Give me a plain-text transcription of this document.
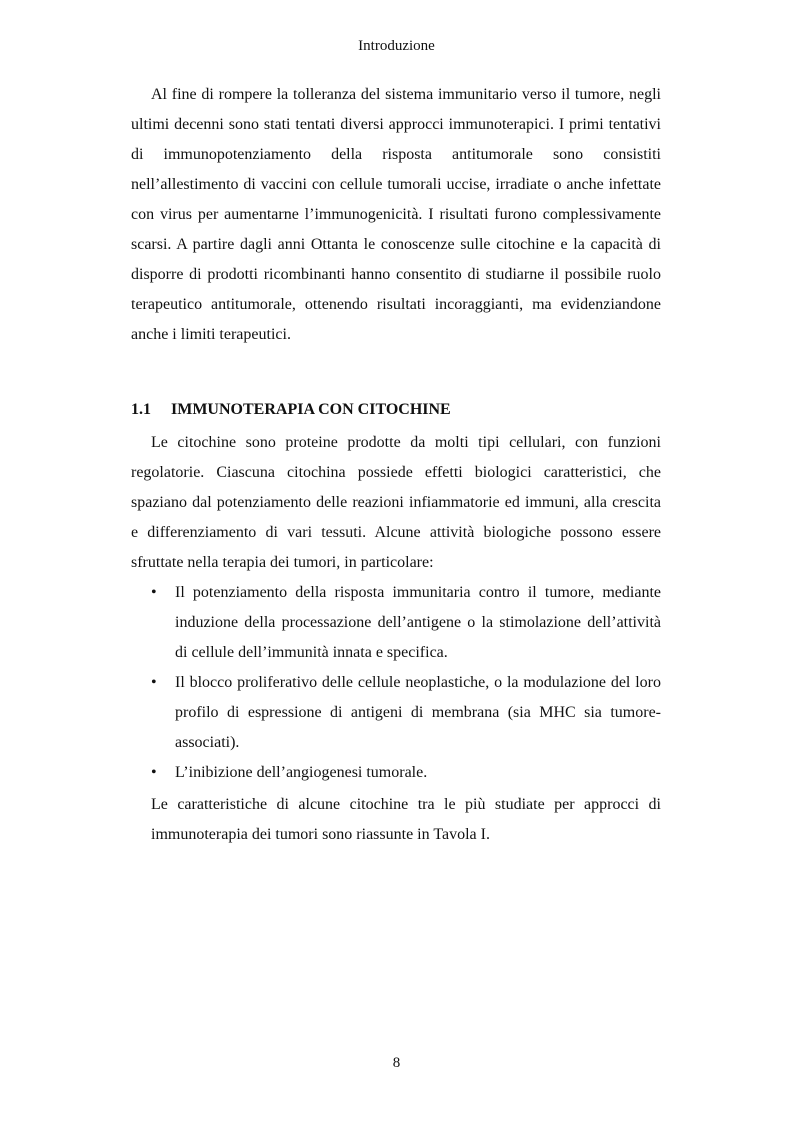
Introduzione

Al fine di rompere la tolleranza del sistema immunitario verso il tumore, negli ultimi decenni sono stati tentati diversi approcci immunoterapici. I primi tentativi di immunopotenziamento della risposta antitumorale sono consistiti nell’allestimento di vaccini con cellule tumorali uccise, irradiate o anche infettate con virus per aumentarne l’immunogenicità. I risultati furono complessivamente scarsi. A partire dagli anni Ottanta le conoscenze sulle citochine e la capacità di disporre di prodotti ricombinanti hanno consentito di studiarne il possibile ruolo terapeutico antitumorale, ottenendo risultati incoraggianti, ma evidenziandone anche i limiti terapeutici.

1.1 IMMUNOTERAPIA CON CITOCHINE

Le citochine sono proteine prodotte da molti tipi cellulari, con funzioni regolatorie. Ciascuna citochina possiede effetti biologici caratteristici, che spaziano dal potenziamento delle reazioni infiammatorie ed immuni, alla crescita e differenziamento di vari tessuti. Alcune attività biologiche possono essere sfruttate nella terapia dei tumori, in particolare:

• Il potenziamento della risposta immunitaria contro il tumore, mediante induzione della processazione dell’antigene o la stimolazione dell’attività di cellule dell’immunità innata e specifica.
• Il blocco proliferativo delle cellule neoplastiche, o la modulazione del loro profilo di espressione di antigeni di membrana (sia MHC sia tumore-associati).
• L’inibizione dell’angiogenesi tumorale.

Le caratteristiche di alcune citochine tra le più studiate per approcci di immunoterapia dei tumori sono riassunte in Tavola I.

8
